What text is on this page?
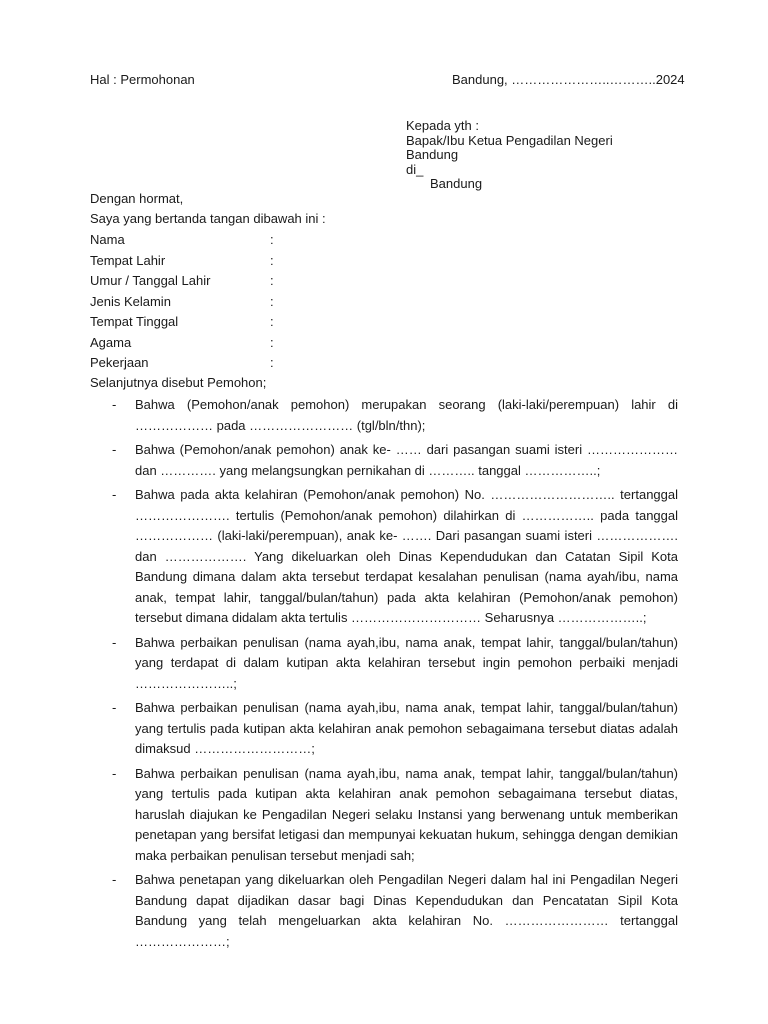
Hal : Permohonan	Bandung, …………………..………..2024
Kepada yth :
Bapak/Ibu Ketua Pengadilan Negeri
Bandung
di_
Bandung
Dengan hormat,
Saya yang bertanda tangan dibawah ini :
Nama	:
Tempat Lahir	:
Umur / Tanggal Lahir	:
Jenis Kelamin	:
Tempat Tinggal	:
Agama	:
Pekerjaan	:
Selanjutnya disebut Pemohon;
- Bahwa (Pemohon/anak pemohon) merupakan seorang (laki-laki/perempuan) lahir di ……………… pada …………………… (tgl/bln/thn);
- Bahwa (Pemohon/anak pemohon) anak ke- …… dari pasangan suami isteri ………………… dan …………. yang melangsungkan pernikahan di ……….. tanggal ……………..;
- Bahwa pada akta kelahiran (Pemohon/anak pemohon) No. ……………………….. tertanggal …………………. tertulis (Pemohon/anak pemohon) dilahirkan di …………….. pada tanggal ……………… (laki-laki/perempuan), anak ke- ……. Dari pasangan suami isteri ………………. dan ………………. Yang dikeluarkan oleh Dinas Kependudukan dan Catatan Sipil Kota Bandung dimana dalam akta tersebut terdapat kesalahan penulisan (nama ayah/ibu, nama anak, tempat lahir, tanggal/bulan/tahun) pada akta kelahiran (Pemohon/anak pemohon) tersebut dimana didalam akta tertulis ………………………… Seharusnya ………………..;
- Bahwa perbaikan penulisan (nama ayah,ibu, nama anak, tempat lahir, tanggal/bulan/tahun) yang terdapat di dalam kutipan akta kelahiran tersebut ingin pemohon perbaiki menjadi …………………..;
- Bahwa perbaikan penulisan (nama ayah,ibu, nama anak, tempat lahir, tanggal/bulan/tahun) yang tertulis pada kutipan akta kelahiran anak pemohon sebagaimana tersebut diatas adalah dimaksud ………………………;
- Bahwa perbaikan penulisan (nama ayah,ibu, nama anak, tempat lahir, tanggal/bulan/tahun) yang tertulis pada kutipan akta kelahiran anak pemohon sebagaimana tersebut diatas, haruslah diajukan ke Pengadilan Negeri selaku Instansi yang berwenang untuk memberikan penetapan yang bersifat letigasi dan mempunyai kekuatan hukum, sehingga dengan demikian maka perbaikan penulisan tersebut menjadi sah;
- Bahwa penetapan yang dikeluarkan oleh Pengadilan Negeri dalam hal ini Pengadilan Negeri Bandung dapat dijadikan dasar bagi Dinas Kependudukan dan Pencatatan Sipil Kota Bandung yang telah mengeluarkan akta kelahiran No. …………………… tertanggal …………………;
